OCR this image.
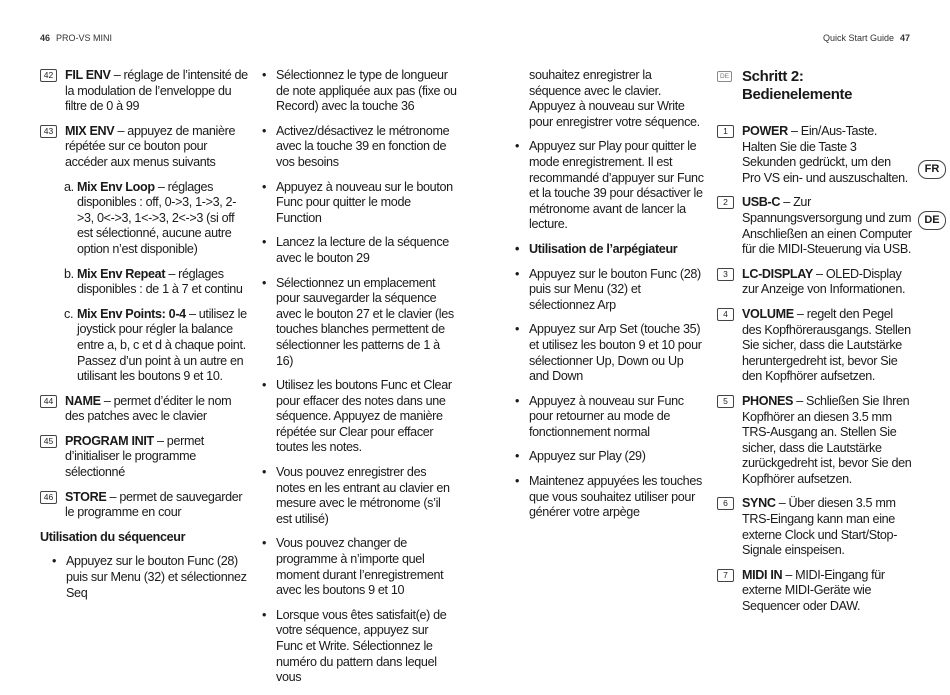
46 PRO-VS MINI	Quick Start Guide 47
FR
DE
42 FIL ENV – réglage de l’intensité de la modulation de l’enveloppe du filtre de 0 à 99
43 MIX ENV – appuyez de manière répétée sur ce bouton pour accéder aux menus suivants
a. Mix Env Loop – réglages disponibles : off, 0->3, 1->3, 2->3, 0<->3, 1<->3, 2<->3 (si off est sélectionné, aucune autre option n’est disponible)
b. Mix Env Repeat – réglages disponibles : de 1 à 7 et continu
c. Mix Env Points: 0-4 – utilisez le joystick pour régler la balance entre a, b, c et d à chaque point. Passez d’un point à un autre en utilisant les boutons 9 et 10.
44 NAME – permet d’éditer le nom des patches avec le clavier
45 PROGRAM INIT – permet d’initialiser le programme sélectionné
46 STORE – permet de sauvegarder le programme en cour
Utilisation du séquenceur
• Appuyez sur le bouton Func (28) puis sur Menu (32) et sélectionnez Seq
• Sélectionnez le type de longueur de note appliquée aux pas (fixe ou Record) avec la touche 36
• Activez/désactivez le métronome avec la touche 39 en fonction de vos besoins
• Appuyez à nouveau sur le bouton Func pour quitter le mode Function
• Lancez la lecture de la séquence avec le bouton 29
• Sélectionnez un emplacement pour sauvegarder la séquence avec le bouton 27 et le clavier (les touches blanches permettent de sélectionner les patterns de 1 à 16)
• Utilisez les boutons Func et Clear pour effacer des notes dans une séquence. Appuyez de manière répétée sur Clear pour effacer toutes les notes.
• Vous pouvez enregistrer des notes en les entrant au clavier en mesure avec le métronome (s’il est utilisé)
• Vous pouvez changer de programme à n’importe quel moment durant l’enregistrement avec les boutons 9 et 10
• Lorsque vous êtes satisfait(e) de votre séquence, appuyez sur Func et Write. Sélectionnez le numéro du pattern dans lequel vous
souhaitez enregistrer la séquence avec le clavier. Appuyez à nouveau sur Write pour enregistrer votre séquence.
• Appuyez sur Play pour quitter le mode enregistrement. Il est recommandé d’appuyer sur Func et la touche 39 pour désactiver le métronome avant de lancer la lecture.
• Utilisation de l’arpégiateur
• Appuyez sur le bouton Func (28) puis sur Menu (32) et sélectionnez Arp
• Appuyez sur Arp Set (touche 35) et utilisez les bouton 9 et 10 pour sélectionner Up, Down ou Up and Down
• Appuyez à nouveau sur Func pour retourner au mode de fonctionnement normal
• Appuyez sur Play (29)
• Maintenez appuyées les touches que vous souhaitez utiliser pour générer votre arpège
DE Schritt 2: Bedienelemente
1	POWER – Ein/Aus-Taste. Halten Sie die Taste 3 Sekunden gedrückt, um den Pro VS ein- und auszuschalten.
2	USB-C – Zur Spannungsversorgung und zum Anschließen an einen Computer für die MIDI-Steuerung via USB.
3	LC-DISPLAY – OLED-Display zur Anzeige von Informationen.
4	VOLUME – regelt den Pegel des Kopfhörerausgangs. Stellen Sie sicher, dass die Lautstärke heruntergedreht ist, bevor Sie den Kopfhörer aufsetzen.
5	PHONES – Schließen Sie Ihren Kopfhörer an diesen 3.5 mm TRS-Ausgang an. Stellen Sie sicher, dass die Lautstärke zurückgedreht ist, bevor Sie den Kopfhörer aufsetzen.
6	SYNC – Über diesen 3.5 mm TRS-Eingang kann man eine externe Clock und Start/Stop-Signale einspeisen.
7	MIDI IN – MIDI-Eingang für externe MIDI-Geräte wie Sequencer oder DAW.
